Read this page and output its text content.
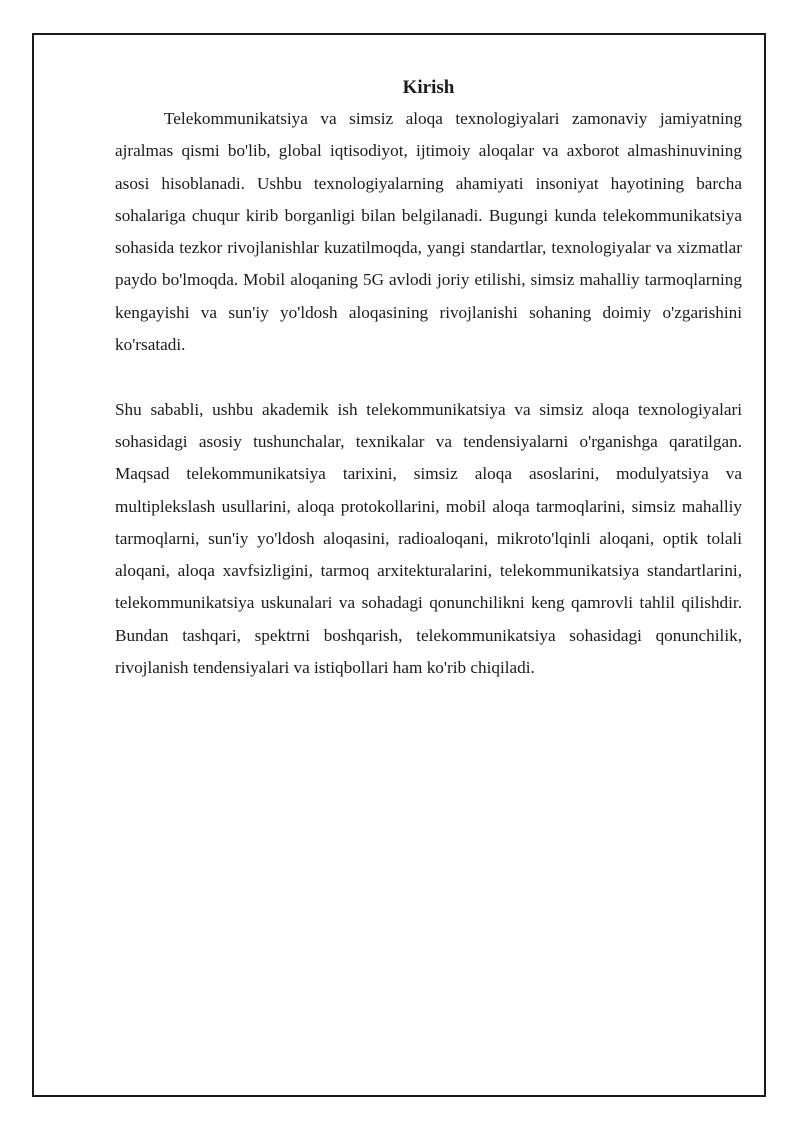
Kirish

Telekommunikatsiya va simsiz aloqa texnologiyalari zamonaviy jamiyatning ajralmas qismi bo'lib, global iqtisodiyot, ijtimoiy aloqalar va axborot almashinuvining asosi hisoblanadi. Ushbu texnologiyalarning ahamiyati insoniyat hayotining barcha sohalariga chuqur kirib borganligi bilan belgilanadi. Bugungi kunda telekommunikatsiya sohasida tezkor rivojlanishlar kuzatilmoqda, yangi standartlar, texnologiyalar va xizmatlar paydo bo'lmoqda. Mobil aloqaning 5G avlodi joriy etilishi, simsiz mahalliy tarmoqlarning kengayishi va sun'iy yo'ldosh aloqasining rivojlanishi sohaning doimiy o'zgarishini ko'rsatadi.

Shu sababli, ushbu akademik ish telekommunikatsiya va simsiz aloqa texnologiyalari sohasidagi asosiy tushunchalar, texnikalar va tendensiyalarni o'rganishga qaratilgan. Maqsad telekommunikatsiya tarixini, simsiz aloqa asoslarini, modulyatsiya va multiplekslash usullarini, aloqa protokollarini, mobil aloqa tarmoqlarini, simsiz mahalliy tarmoqlarni, sun'iy yo'ldosh aloqasini, radioaloqani, mikroto'lqinli aloqani, optik tolali aloqani, aloqa xavfsizligini, tarmoq arxitekturalarini, telekommunikatsiya standartlarini, telekommunikatsiya uskunalari va sohadagi qonunchilikni keng qamrovli tahlil qilishdir. Bundan tashqari, spektrni boshqarish, telekommunikatsiya sohasidagi qonunchilik, rivojlanish tendensiyalari va istiqbollari ham ko'rib chiqiladi.
